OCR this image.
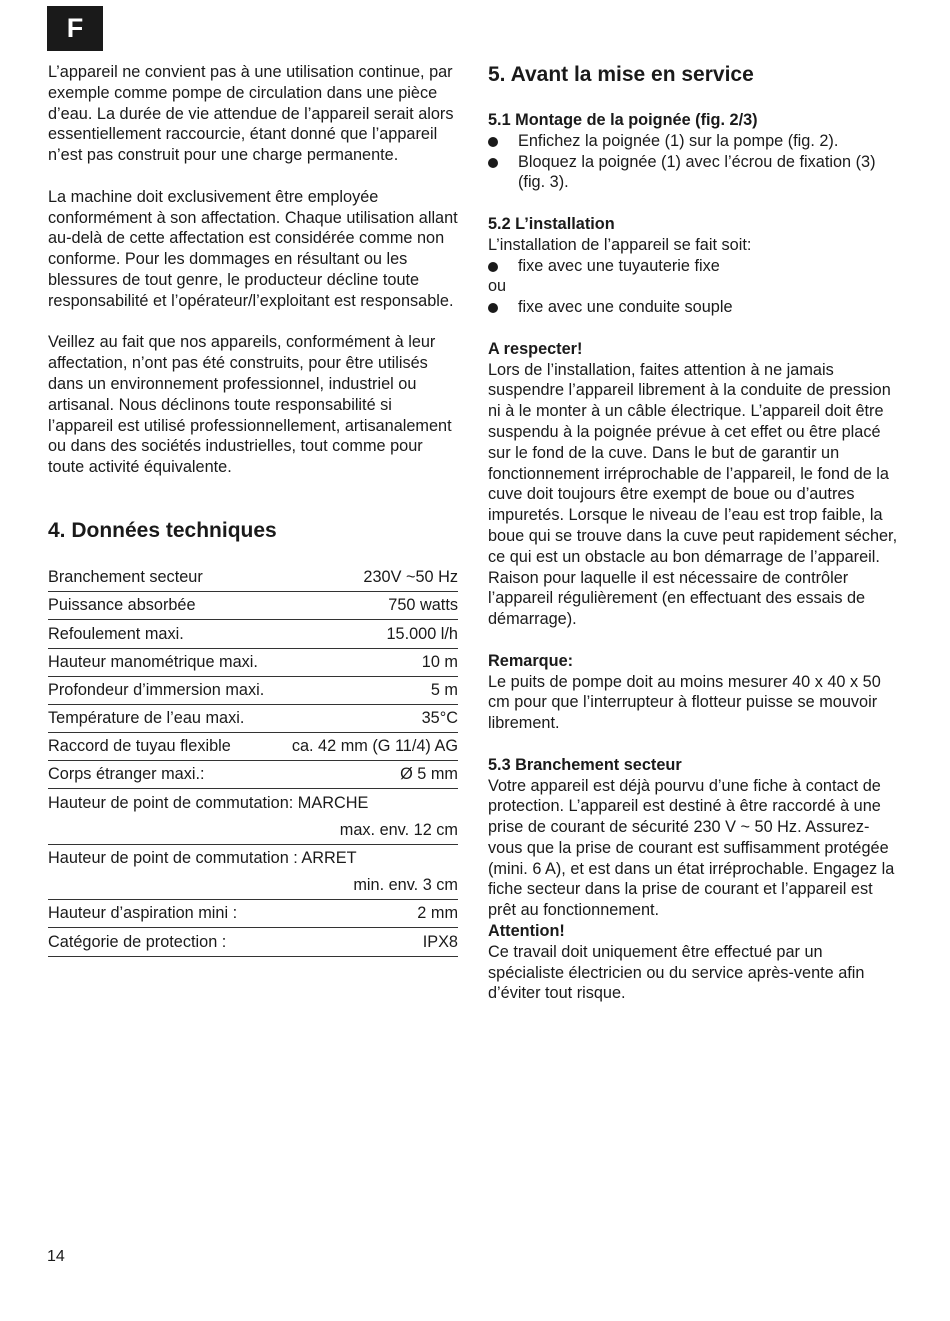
F

L’appareil ne convient pas à une utilisation continue, par exemple comme pompe de circulation dans une pièce d’eau. La durée de vie attendue de l’appareil serait alors essentiellement raccourcie, étant donné que l’appareil n’est pas construit pour une charge permanente.

La machine doit exclusivement être employée conformément à son affectation. Chaque utilisation allant au-delà de cette affectation est considérée comme non conforme. Pour les dommages en résultant ou les blessures de tout genre, le producteur décline toute responsabilité et l’opérateur/l’exploitant est responsable.

Veillez au fait que nos appareils, conformément à leur affectation, n’ont pas été construits, pour être utilisés dans un environnement professionnel, industriel ou artisanal. Nous déclinons toute responsabilité si l’appareil est utilisé professionnellement, artisanalement ou dans des sociétés industrielles, tout comme pour toute activité équivalente.

4. Données techniques
Branchement secteur	230V ~50 Hz
Puissance absorbée	750 watts
Refoulement maxi.	15.000 l/h
Hauteur manométrique maxi.	10 m
Profondeur d’immersion maxi.	5 m
Température de l’eau maxi.	35°C
Raccord de tuyau flexible	ca. 42 mm (G 11/4) AG
Corps étranger maxi.:	Ø 5 mm
Hauteur de point de commutation: MARCHE	
max. env. 12 cm	
Hauteur de point de commutation : ARRET	
min. env. 3 cm	
Hauteur d’aspiration mini :	2 mm
Catégorie de protection :	IPX8
5. Avant la mise en service
5.1 Montage de la poignée (fig. 2/3)
Enfichez la poignée (1) sur la pompe (fig. 2).
Bloquez la poignée (1) avec l’écrou de fixation (3) (fig. 3).
5.2 L’installation

L’installation de l’appareil se fait soit:

fixe avec une tuyauterie fixe

ou

fixe avec une conduite souple

A respecter!

Lors de l’installation, faites attention à ne jamais suspendre l’appareil librement à la conduite de pression ni à le monter à un câble électrique. L’appareil doit être suspendu à la poignée prévue à cet effet ou être placé sur le fond de la cuve. Dans le but de garantir un fonctionnement irréprochable de l’appareil, le fond de la cuve doit toujours être exempt de boue ou d’autres impuretés. Lorsque le niveau de l’eau est trop faible, la boue qui se trouve dans la cuve peut rapidement sécher, ce qui est un obstacle au bon démarrage de l’appareil. Raison pour laquelle il est nécessaire de contrôler l’appareil régulièrement (en effectuant des essais de démarrage).

Remarque:

Le puits de pompe doit au moins mesurer 40 x 40 x 50 cm pour que l’interrupteur à flotteur puisse se mouvoir librement.

5.3 Branchement secteur

Votre appareil est déjà pourvu d’une fiche à contact de protection. L’appareil est destiné à être raccordé à une prise de courant de sécurité 230 V ~ 50 Hz. Assurez-vous que la prise de courant est suffisamment protégée (mini. 6 A), et est dans un état irréprochable. Engagez la fiche secteur dans la prise de courant et l’appareil est prêt au fonctionnement.

Attention!

Ce travail doit uniquement être effectué par un spécialiste électricien ou du service après-vente afin d’éviter tout risque.

14
